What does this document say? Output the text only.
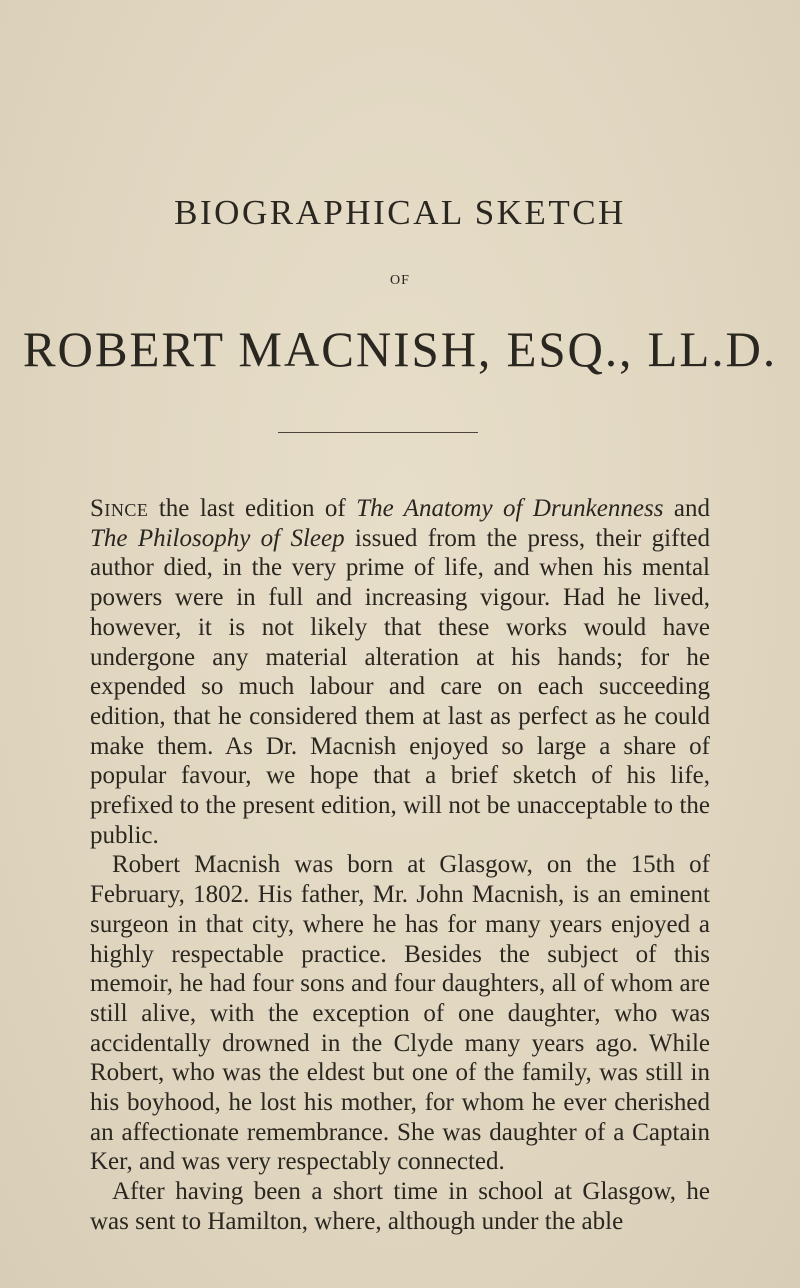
BIOGRAPHICAL SKETCH
OF
ROBERT MACNISH, ESQ., LL.D.

Since the last edition of The Anatomy of Drunkenness and The Philosophy of Sleep issued from the press, their gifted author died, in the very prime of life, and when his mental powers were in full and increasing vigour. Had he lived, however, it is not likely that these works would have undergone any material alteration at his hands; for he expended so much labour and care on each succeeding edition, that he considered them at last as perfect as he could make them. As Dr. Macnish enjoyed so large a share of popular favour, we hope that a brief sketch of his life, prefixed to the present edition, will not be unacceptable to the public.

Robert Macnish was born at Glasgow, on the 15th of February, 1802. His father, Mr. John Macnish, is an eminent surgeon in that city, where he has for many years enjoyed a highly respectable practice. Besides the subject of this memoir, he had four sons and four daughters, all of whom are still alive, with the exception of one daughter, who was accidentally drowned in the Clyde many years ago. While Robert, who was the eldest but one of the family, was still in his boyhood, he lost his mother, for whom he ever cherished an affectionate remembrance. She was daughter of a Captain Ker, and was very respectably connected.

After having been a short time in school at Glasgow, he was sent to Hamilton, where, although under the able
